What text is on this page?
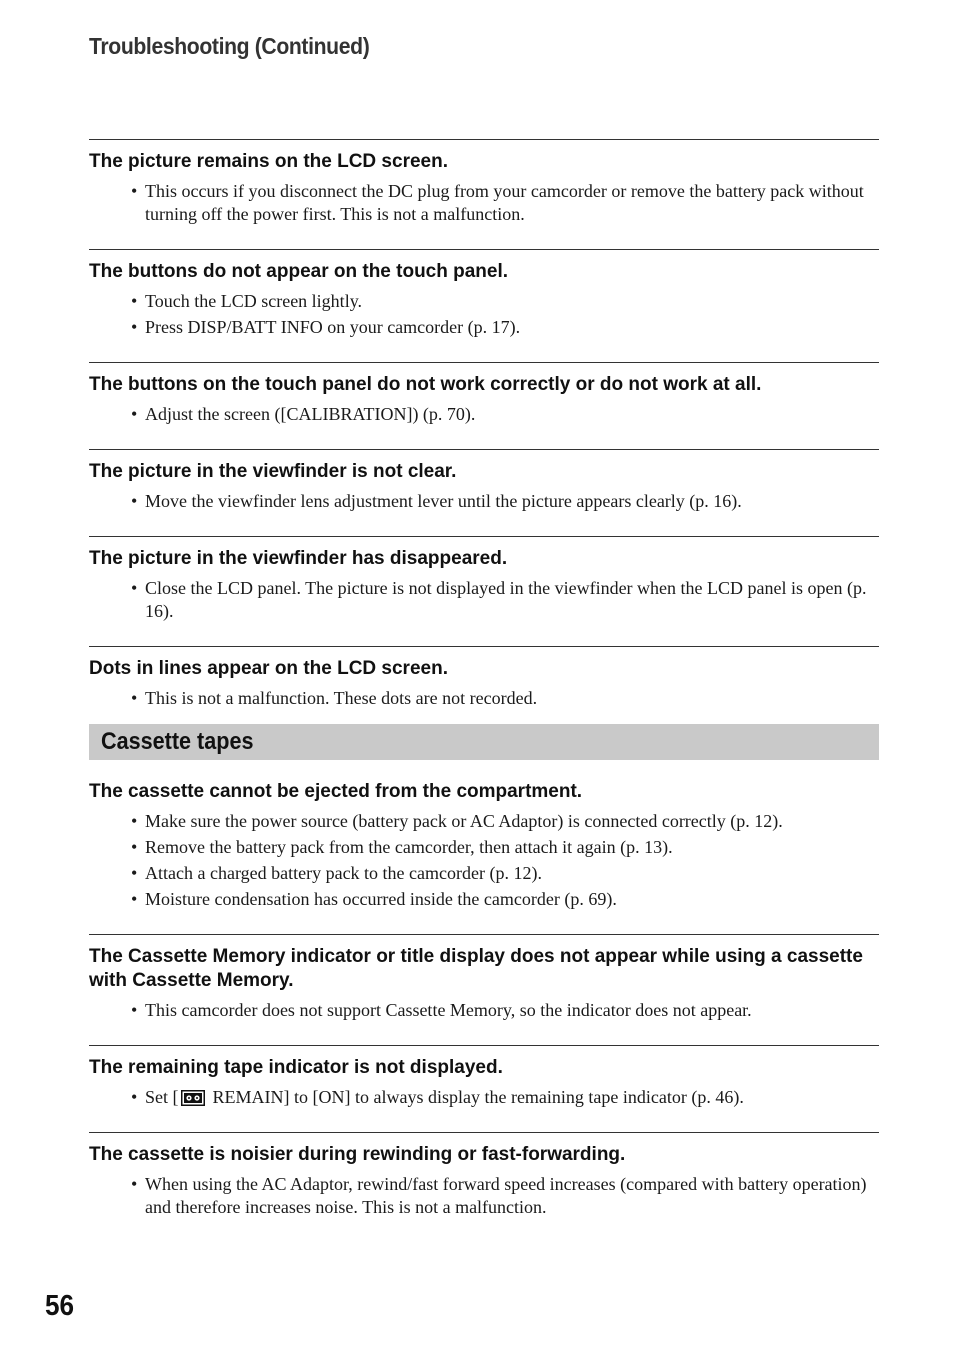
Troubleshooting (Continued)
The picture remains on the LCD screen.
• This occurs if you disconnect the DC plug from your camcorder or remove the battery pack without turning off the power first. This is not a malfunction.
The buttons do not appear on the touch panel.
• Touch the LCD screen lightly.
• Press DISP/BATT INFO on your camcorder (p. 17).
The buttons on the touch panel do not work correctly or do not work at all.
• Adjust the screen ([CALIBRATION]) (p. 70).
The picture in the viewfinder is not clear.
• Move the viewfinder lens adjustment lever until the picture appears clearly (p. 16).
The picture in the viewfinder has disappeared.
• Close the LCD panel. The picture is not displayed in the viewfinder when the LCD panel is open (p. 16).
Dots in lines appear on the LCD screen.
• This is not a malfunction. These dots are not recorded.
Cassette tapes
The cassette cannot be ejected from the compartment.
• Make sure the power source (battery pack or AC Adaptor) is connected correctly (p. 12).
• Remove the battery pack from the camcorder, then attach it again (p. 13).
• Attach a charged battery pack to the camcorder (p. 12).
• Moisture condensation has occurred inside the camcorder (p. 69).
The Cassette Memory indicator or title display does not appear while using a cassette with Cassette Memory.
• This camcorder does not support Cassette Memory, so the indicator does not appear.
The remaining tape indicator is not displayed.
• Set [ REMAIN] to [ON] to always display the remaining tape indicator (p. 46).
The cassette is noisier during rewinding or fast-forwarding.
• When using the AC Adaptor, rewind/fast forward speed increases (compared with battery operation) and therefore increases noise. This is not a malfunction.
56
